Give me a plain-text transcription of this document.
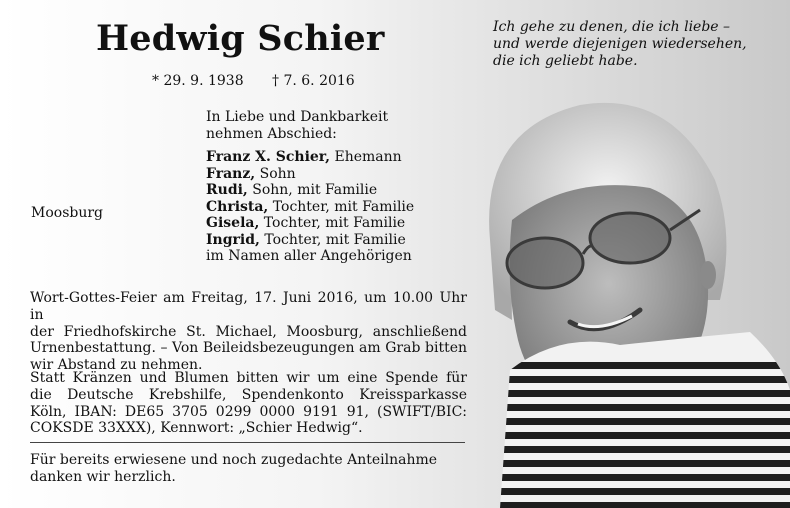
Hedwig Schier
* 29. 9. 1938 † 7. 6. 2016
Ich gehe zu denen, die ich liebe –
und werde diejenigen wiedersehen,
die ich geliebt habe.
In Liebe und Dankbarkeit
nehmen Abschied:
Moosburg
Franz X. Schier, Ehemann
Franz, Sohn
Rudi, Sohn, mit Familie
Christa, Tochter, mit Familie
Gisela, Tochter, mit Familie
Ingrid, Tochter, mit Familie
im Namen aller Angehörigen
Wort-Gottes-Feier am Freitag, 17. Juni 2016, um 10.00 Uhr in
der Friedhofskirche St. Michael, Moosburg, anschließend
Urnenbestattung. – Von Beileidsbezeugungen am Grab bitten
wir Abstand zu nehmen.
Statt Kränzen und Blumen bitten wir um eine Spende für
die Deutsche Krebshilfe, Spendenkonto Kreissparkasse
Köln, IBAN: DE65 3705 0299 0000 9191 91, (SWIFT/BIC:
COKSDE 33XXX), Kennwort: „Schier Hedwig“.
Für bereits erwiesene und noch zugedachte Anteilnahme
danken wir herzlich.
